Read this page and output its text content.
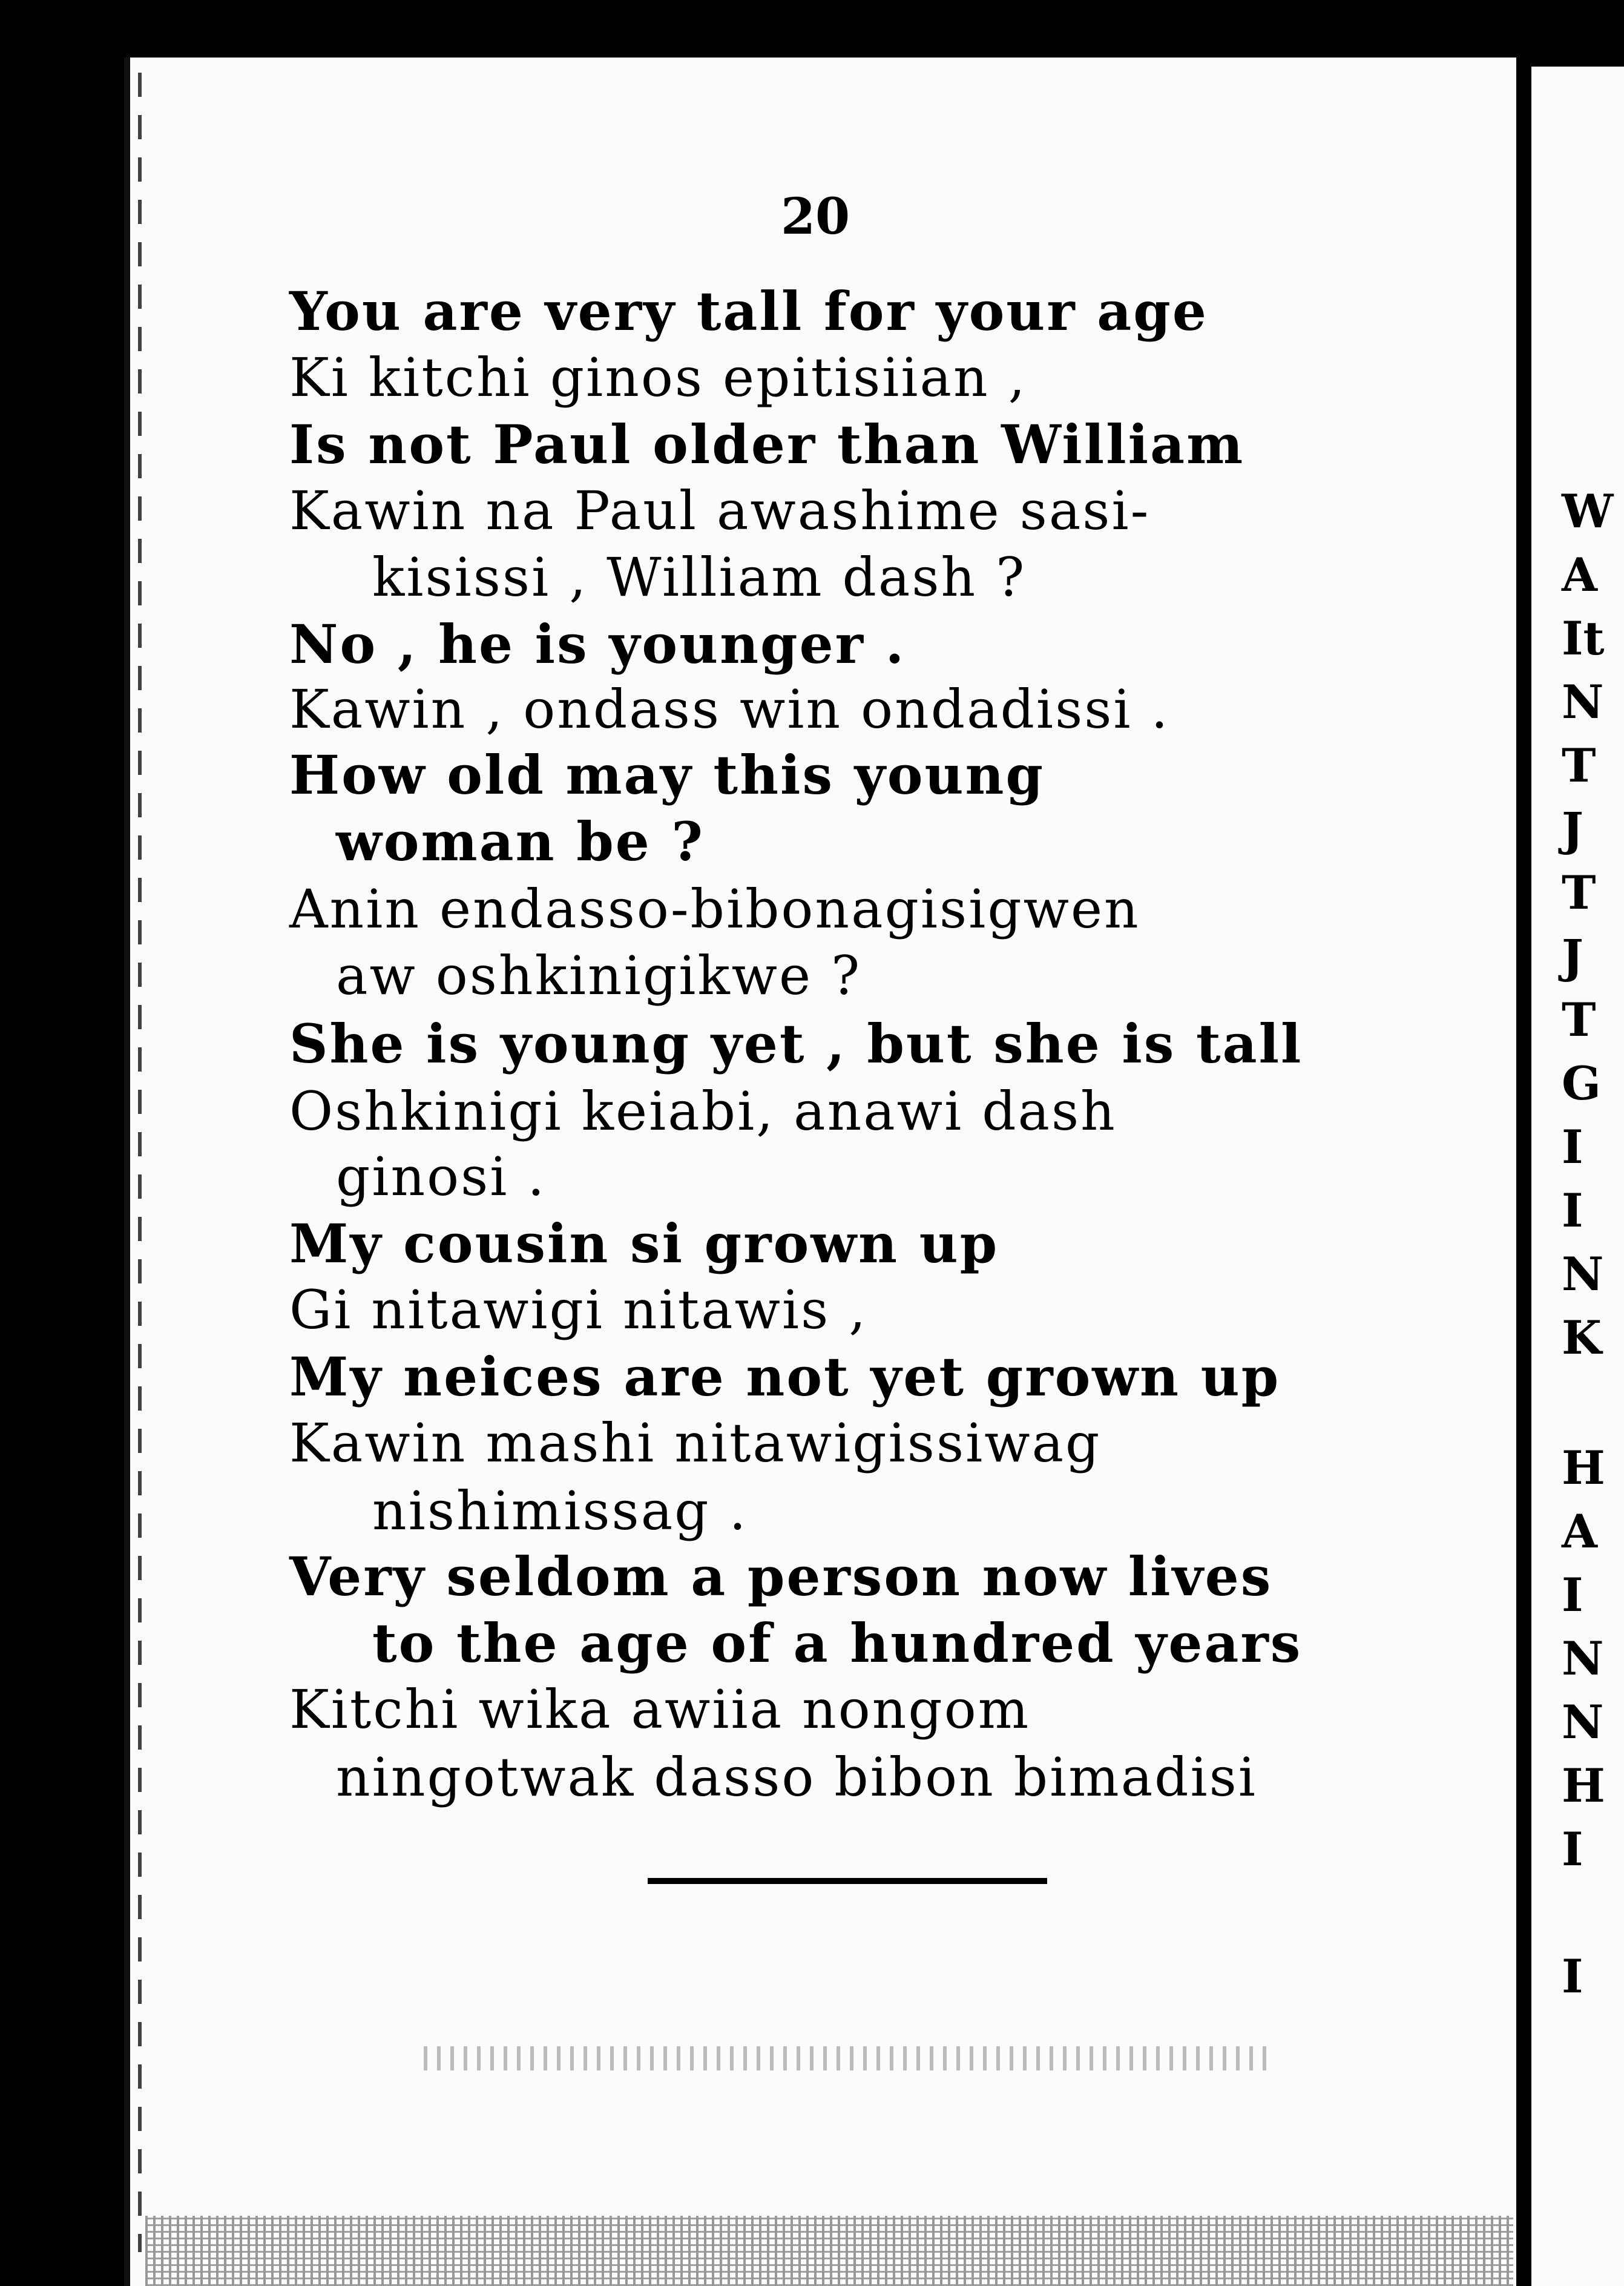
20
You are very tall for your age
Ki kitchi ginos epitisiian ,
Is not Paul older than William
Kawin na Paul awashime sasi-
kisissi , William dash ?
No , he is younger .
Kawin , ondass win ondadissi .
How old may this young
woman be ?
Anin endasso-bibonagisigwen
aw oshkinigikwe ?
She is young yet , but she is tall
Oshkinigi keiabi, anawi dash
ginosi .
My cousin si grown up
Gi nitawigi nitawis ,
My neices are not yet grown up
Kawin mashi nitawigissiwag
nishimissag .
Very seldom a person now lives
to the age of a hundred years
Kitchi wika awiia nongom
ningotwak dasso bibon bimadisi
W
A
It
N
T
J
T
J
T
G
I
I
N
K
H
A
I
N
N
H
I
I
